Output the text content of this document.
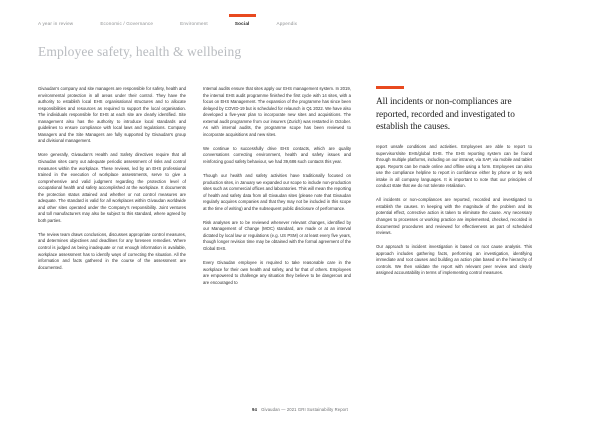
A year in review	Economic / Governance	Environment	Social	Appendix
Employee safety, health & wellbeing

Givaudan's company and site managers are responsible for safety, health and environmental protection in all areas under their control. They have the authority to establish local EHS organisational structures and to allocate responsibilities and resources as required to support the local organisation. The individuals responsible for EHS at each site are clearly identified. Site management also has the authority to introduce local standards and guidelines to ensure compliance with local laws and regulations. Company Managers and the Site Managers are fully supported by Givaudan's group and divisional management.

More generally, Givaudan's Health and Safety directives require that all Givaudan sites carry out adequate periodic assessment of risks and control measures within the workplace. These reviews, led by an EHS professional trained in the execution of workplace assessments, serve to give a comprehensive and valid judgment regarding the protection level of occupational health and safety accomplished at the workplace. It documents the protection status attained and whether or not control measures are adequate. The standard is valid for all workplaces within Givaudan worldwide and other sites operated under the Company's responsibility. Joint ventures and toll manufacturers may also be subject to this standard, where agreed by both parties.

The review team draws conclusions, discusses appropriate control measures, and determines objectives and deadlines for any foreseen remedies. Where control is judged as being inadequate or not enough information is available, workplace assessment has to identify ways of correcting the situation. All the information and facts gathered in the course of the assessment are documented.

Internal audits ensure that sites apply our EHS management system. In 2019, the internal EHS audit programme finished the first cycle with 14 sites, with a focus on EHS Management. The expansion of the programme has since been delayed by COVID-19 but is scheduled for relaunch in Q1 2022. We have also developed a five-year plan to incorporate new sites and acquisitions. The external audit programme from our insurers (Zurich) was restarted in October. As with internal audits, the programme scope has been reviewed to incorporate acquisitions and new sites.

We continue to successfully drive EHS contacts, which are quality conversations correcting environment, health and safety issues and reinforcing good safety behaviour, we had 39,686 such contacts this year.

Though our health and safety activities have traditionally focused on production sites, in January we expanded our scope to include non-production sites such as commercial offices and laboratories. This will mean the reporting of health and safety data from all Givaudan sites (please note that Givaudan regularly acquires companies and that they may not be included in this scope at the time of writing) and the subsequent public disclosure of performance.

Risk analyses are to be reviewed whenever relevant changes, identified by our Management of Change (MOC) standard, are made or at an interval dictated by local law or regulations (e.g. US PSM) or at least every five years, though longer revision time may be obtained with the formal agreement of the Global EHS.

Every Givaudan employee is required to take reasonable care in the workplace for their own health and safety, and for that of others. Employees are empowered to challenge any situation they believe to be dangerous and are encouraged to

All incidents or non-compliances are reported, recorded and investigated to establish the causes.

report unsafe conditions and activities. Employees are able to report to supervisors/site EHS/global EHS. The EHS reporting system can be found through multiple platforms, including on our intranet, via SAP, via mobile and tablet apps. Reports can be made online and offline using a form. Employees can also use the compliance helpline to report in confidence either by phone or by web intake in all company languages. It is important to note that our principles of conduct state that we do not tolerate retaliation.

All incidents or non-compliances are reported, recorded and investigated to establish the causes. In keeping with the magnitude of the problem and its potential effect, corrective action is taken to eliminate the cause. Any necessary changes to processes or working practice are implemented, checked, recorded in documented procedures and reviewed for effectiveness as part of scheduled reviews.

Our approach to incident investigation is based on root cause analysis. This approach includes gathering facts, performing an investigation, identifying immediate and root causes and building an action plan based on the hierarchy of controls. We then validate the report with relevant peer review and clearly assigned accountability in terms of implementing control measures.

94 Givaudan — 2021 GRI Sustainability Report
